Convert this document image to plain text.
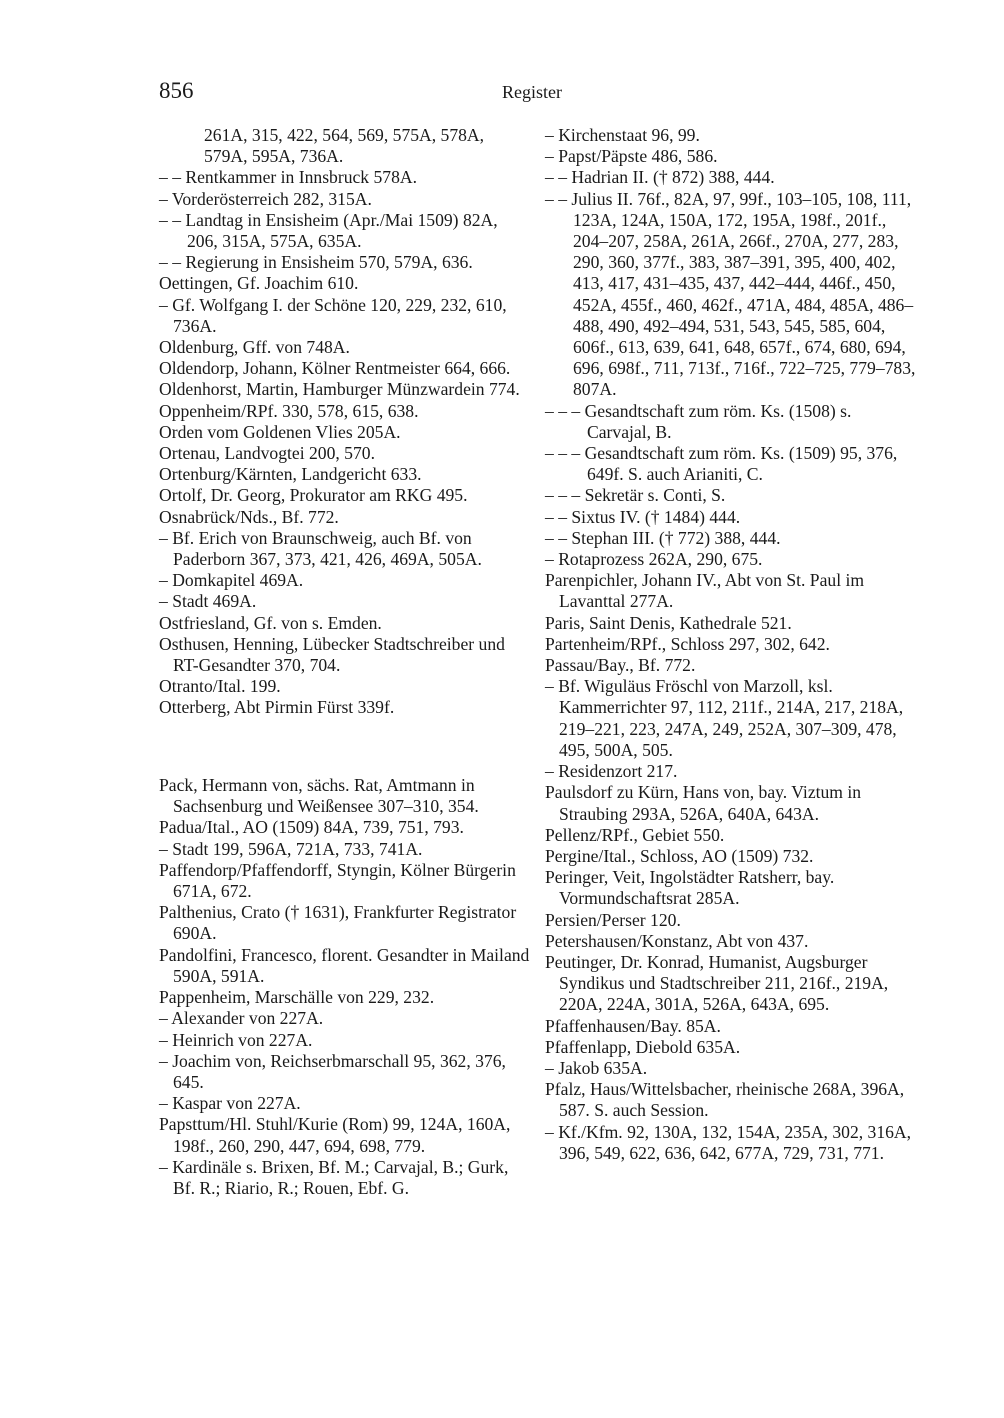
856	Register

261A, 315, 422, 564, 569, 575A, 578A, 579A, 595A, 736A.

– – Rentkammer in Innsbruck 578A.

– Vorderösterreich 282, 315A.

– – Landtag in Ensisheim (Apr./Mai 1509) 82A, 206, 315A, 575A, 635A.

– – Regierung in Ensisheim 570, 579A, 636.

Oettingen, Gf. Joachim 610.

– Gf. Wolfgang I. der Schöne 120, 229, 232, 610, 736A.

Oldenburg, Gff. von 748A.

Oldendorp, Johann, Kölner Rentmeister 664, 666.

Oldenhorst, Martin, Hamburger Münzwardein 774.

Oppenheim/RPf. 330, 578, 615, 638.

Orden vom Goldenen Vlies 205A.

Ortenau, Landvogtei 200, 570.

Ortenburg/Kärnten, Landgericht 633.

Ortolf, Dr. Georg, Prokurator am RKG 495.

Osnabrück/Nds., Bf. 772.

– Bf. Erich von Braunschweig, auch Bf. von Paderborn 367, 373, 421, 426, 469A, 505A.

– Domkapitel 469A.

– Stadt 469A.

Ostfriesland, Gf. von s. Emden.

Osthusen, Henning, Lübecker Stadtschreiber und RT-Gesandter 370, 704.

Otranto/Ital. 199.

Otterberg, Abt Pirmin Fürst 339f.

Pack, Hermann von, sächs. Rat, Amtmann in Sachsenburg und Weißensee 307–310, 354.

Padua/Ital., AO (1509) 84A, 739, 751, 793.

– Stadt 199, 596A, 721A, 733, 741A.

Paffendorp/Pfaffendorff, Styngin, Kölner Bürgerin 671A, 672.

Palthenius, Crato († 1631), Frankfurter Registrator 690A.

Pandolfini, Francesco, florent. Gesandter in Mailand 590A, 591A.

Pappenheim, Marschälle von 229, 232.

– Alexander von 227A.

– Heinrich von 227A.

– Joachim von, Reichserbmarschall 95, 362, 376, 645.

– Kaspar von 227A.

Papsttum/Hl. Stuhl/Kurie (Rom) 99, 124A, 160A, 198f., 260, 290, 447, 694, 698, 779.

– Kardinäle s. Brixen, Bf. M.; Carvajal, B.; Gurk, Bf. R.; Riario, R.; Rouen, Ebf. G.

– Kirchenstaat 96, 99.

– Papst/Päpste 486, 586.

– – Hadrian II. († 872) 388, 444.

– – Julius II. 76f., 82A, 97, 99f., 103–105, 108, 111, 123A, 124A, 150A, 172, 195A, 198f., 201f., 204–207, 258A, 261A, 266f., 270A, 277, 283, 290, 360, 377f., 383, 387–391, 395, 400, 402, 413, 417, 431–435, 437, 442–444, 446f., 450, 452A, 455f., 460, 462f., 471A, 484, 485A, 486–488, 490, 492–494, 531, 543, 545, 585, 604, 606f., 613, 639, 641, 648, 657f., 674, 680, 694, 696, 698f., 711, 713f., 716f., 722–725, 779–783, 807A.

– – – Gesandtschaft zum röm. Ks. (1508) s. Carvajal, B.

– – – Gesandtschaft zum röm. Ks. (1509) 95, 376, 649f. S. auch Arianiti, C.

– – – Sekretär s. Conti, S.

– – Sixtus IV. († 1484) 444.

– – Stephan III. († 772) 388, 444.

– Rotaprozess 262A, 290, 675.

Parenpichler, Johann IV., Abt von St. Paul im Lavanttal 277A.

Paris, Saint Denis, Kathedrale 521.

Partenheim/RPf., Schloss 297, 302, 642.

Passau/Bay., Bf. 772.

– Bf. Wiguläus Fröschl von Marzoll, ksl. Kammerrichter 97, 112, 211f., 214A, 217, 218A, 219–221, 223, 247A, 249, 252A, 307–309, 478, 495, 500A, 505.

– Residenzort 217.

Paulsdorf zu Kürn, Hans von, bay. Viztum in Straubing 293A, 526A, 640A, 643A.

Pellenz/RPf., Gebiet 550.

Pergine/Ital., Schloss, AO (1509) 732.

Peringer, Veit, Ingolstädter Ratsherr, bay. Vormundschaftsrat 285A.

Persien/Perser 120.

Petershausen/Konstanz, Abt von 437.

Peutinger, Dr. Konrad, Humanist, Augsburger Syndikus und Stadtschreiber 211, 216f., 219A, 220A, 224A, 301A, 526A, 643A, 695.

Pfaffenhausen/Bay. 85A.

Pfaffenlapp, Diebold 635A.

– Jakob 635A.

Pfalz, Haus/Wittelsbacher, rheinische 268A, 396A, 587. S. auch Session.

– Kf./Kfm. 92, 130A, 132, 154A, 235A, 302, 316A, 396, 549, 622, 636, 642, 677A, 729, 731, 771.
